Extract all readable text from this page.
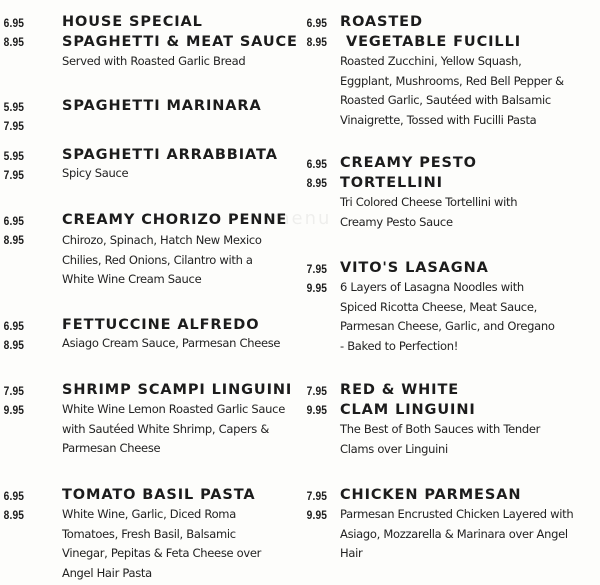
menu
6.95
8.95
HOUSE SPECIAL
SPAGHETTI & MEAT SAUCE
Served with Roasted Garlic Bread
5.95
7.95
SPAGHETTI MARINARA
5.95
7.95
SPAGHETTI ARRABBIATA
Spicy Sauce
6.95
8.95
CREAMY CHORIZO PENNE
Chirozo, Spinach, Hatch New Mexico Chilies, Red Onions, Cilantro with a White Wine Cream Sauce
6.95
8.95
FETTUCCINE ALFREDO
Asiago Cream Sauce, Parmesan Cheese
7.95
9.95
SHRIMP SCAMPI LINGUINI
White Wine Lemon Roasted Garlic Sauce with Sautéed White Shrimp, Capers & Parmesan Cheese
6.95
8.95
TOMATO BASIL PASTA
White Wine, Garlic, Diced Roma Tomatoes, Fresh Basil, Balsamic Vinegar, Pepitas & Feta Cheese over Angel Hair Pasta
6.95
8.95
ROASTED
VEGETABLE FUCILLI
Roasted Zucchini, Yellow Squash, Eggplant, Mushrooms, Red Bell Pepper & Roasted Garlic, Sautéed with Balsamic Vinaigrette, Tossed with Fucilli Pasta
6.95
8.95
CREAMY PESTO
TORTELLINI
Tri Colored Cheese Tortellini with Creamy Pesto Sauce
7.95
9.95
VITO'S LASAGNA
6 Layers of Lasagna Noodles with Spiced Ricotta Cheese, Meat Sauce, Parmesan Cheese, Garlic, and Oregano - Baked to Perfection!
7.95
9.95
RED & WHITE
CLAM LINGUINI
The Best of Both Sauces with Tender Clams over Linguini
7.95
9.95
CHICKEN PARMESAN
Parmesan Encrusted Chicken Layered with Asiago, Mozzarella & Marinara over Angel Hair
